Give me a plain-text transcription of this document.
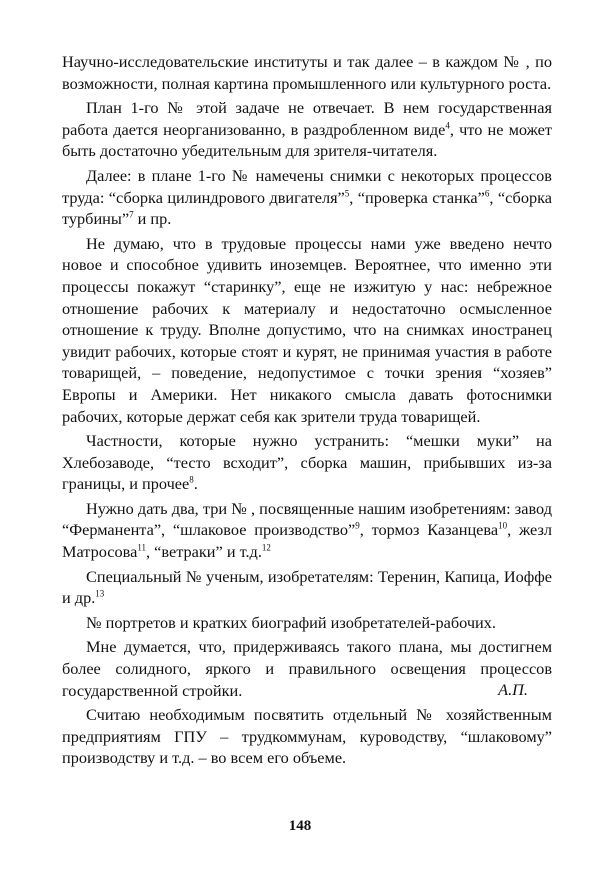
Научно-исследовательские институты и так далее – в каждом № , по возможности, полная картина промышленного или культурного роста.

План 1-го № этой задаче не отвечает. В нем государственная работа дается неорганизованно, в раздробленном виде$^4$, что не может быть достаточно убедительным для зрителя-читателя.

Далее: в плане 1-го № намечены снимки с некоторых процессов труда: “сборка цилиндрового двигателя”$^5$, “проверка станка”$^6$, “сборка турбины”$^7$ и пр.

Не думаю, что в трудовые процессы нами уже введено нечто новое и способное удивить иноземцев. Вероятнее, что именно эти процессы покажут “старинку”, еще не изжитую у нас: небрежное отношение рабочих к материалу и недостаточно осмысленное отношение к труду. Вполне допустимо, что на снимках иностранец увидит рабочих, которые стоят и курят, не принимая участия в работе товарищей, – поведение, недопустимое с точки зрения “хозяев” Европы и Америки. Нет никакого смысла давать фотоснимки рабочих, которые держат себя как зрители труда товарищей.

Частности, которые нужно устранить: “мешки муки” на Хлебозаводе, “тесто всходит”, сборка машин, прибывших из-за границы, и прочее$^8$.

Нужно дать два, три № , посвященные нашим изобретениям: завод “Ферманента”, “шлаковое производство”$^9$, тормоз Казанцева$^{10}$, жезл Матросова$^{11}$, “ветраки” и т.д.$^{12}$

Специальный № ученым, изобретателям: Теренин, Капица, Иоффе и др.$^{13}$

№ портретов и кратких биографий изобретателей-рабочих.

Мне думается, что, придерживаясь такого плана, мы достигнем более солидного, яркого и правильного освещения процессов государственной стройки.

Считаю необходимым посвятить отдельный № хозяйственным предприятиям ГПУ – трудкоммунам, куроводству, “шлаковому” производству и т.д. – во всем его объеме.

А.П.
148
